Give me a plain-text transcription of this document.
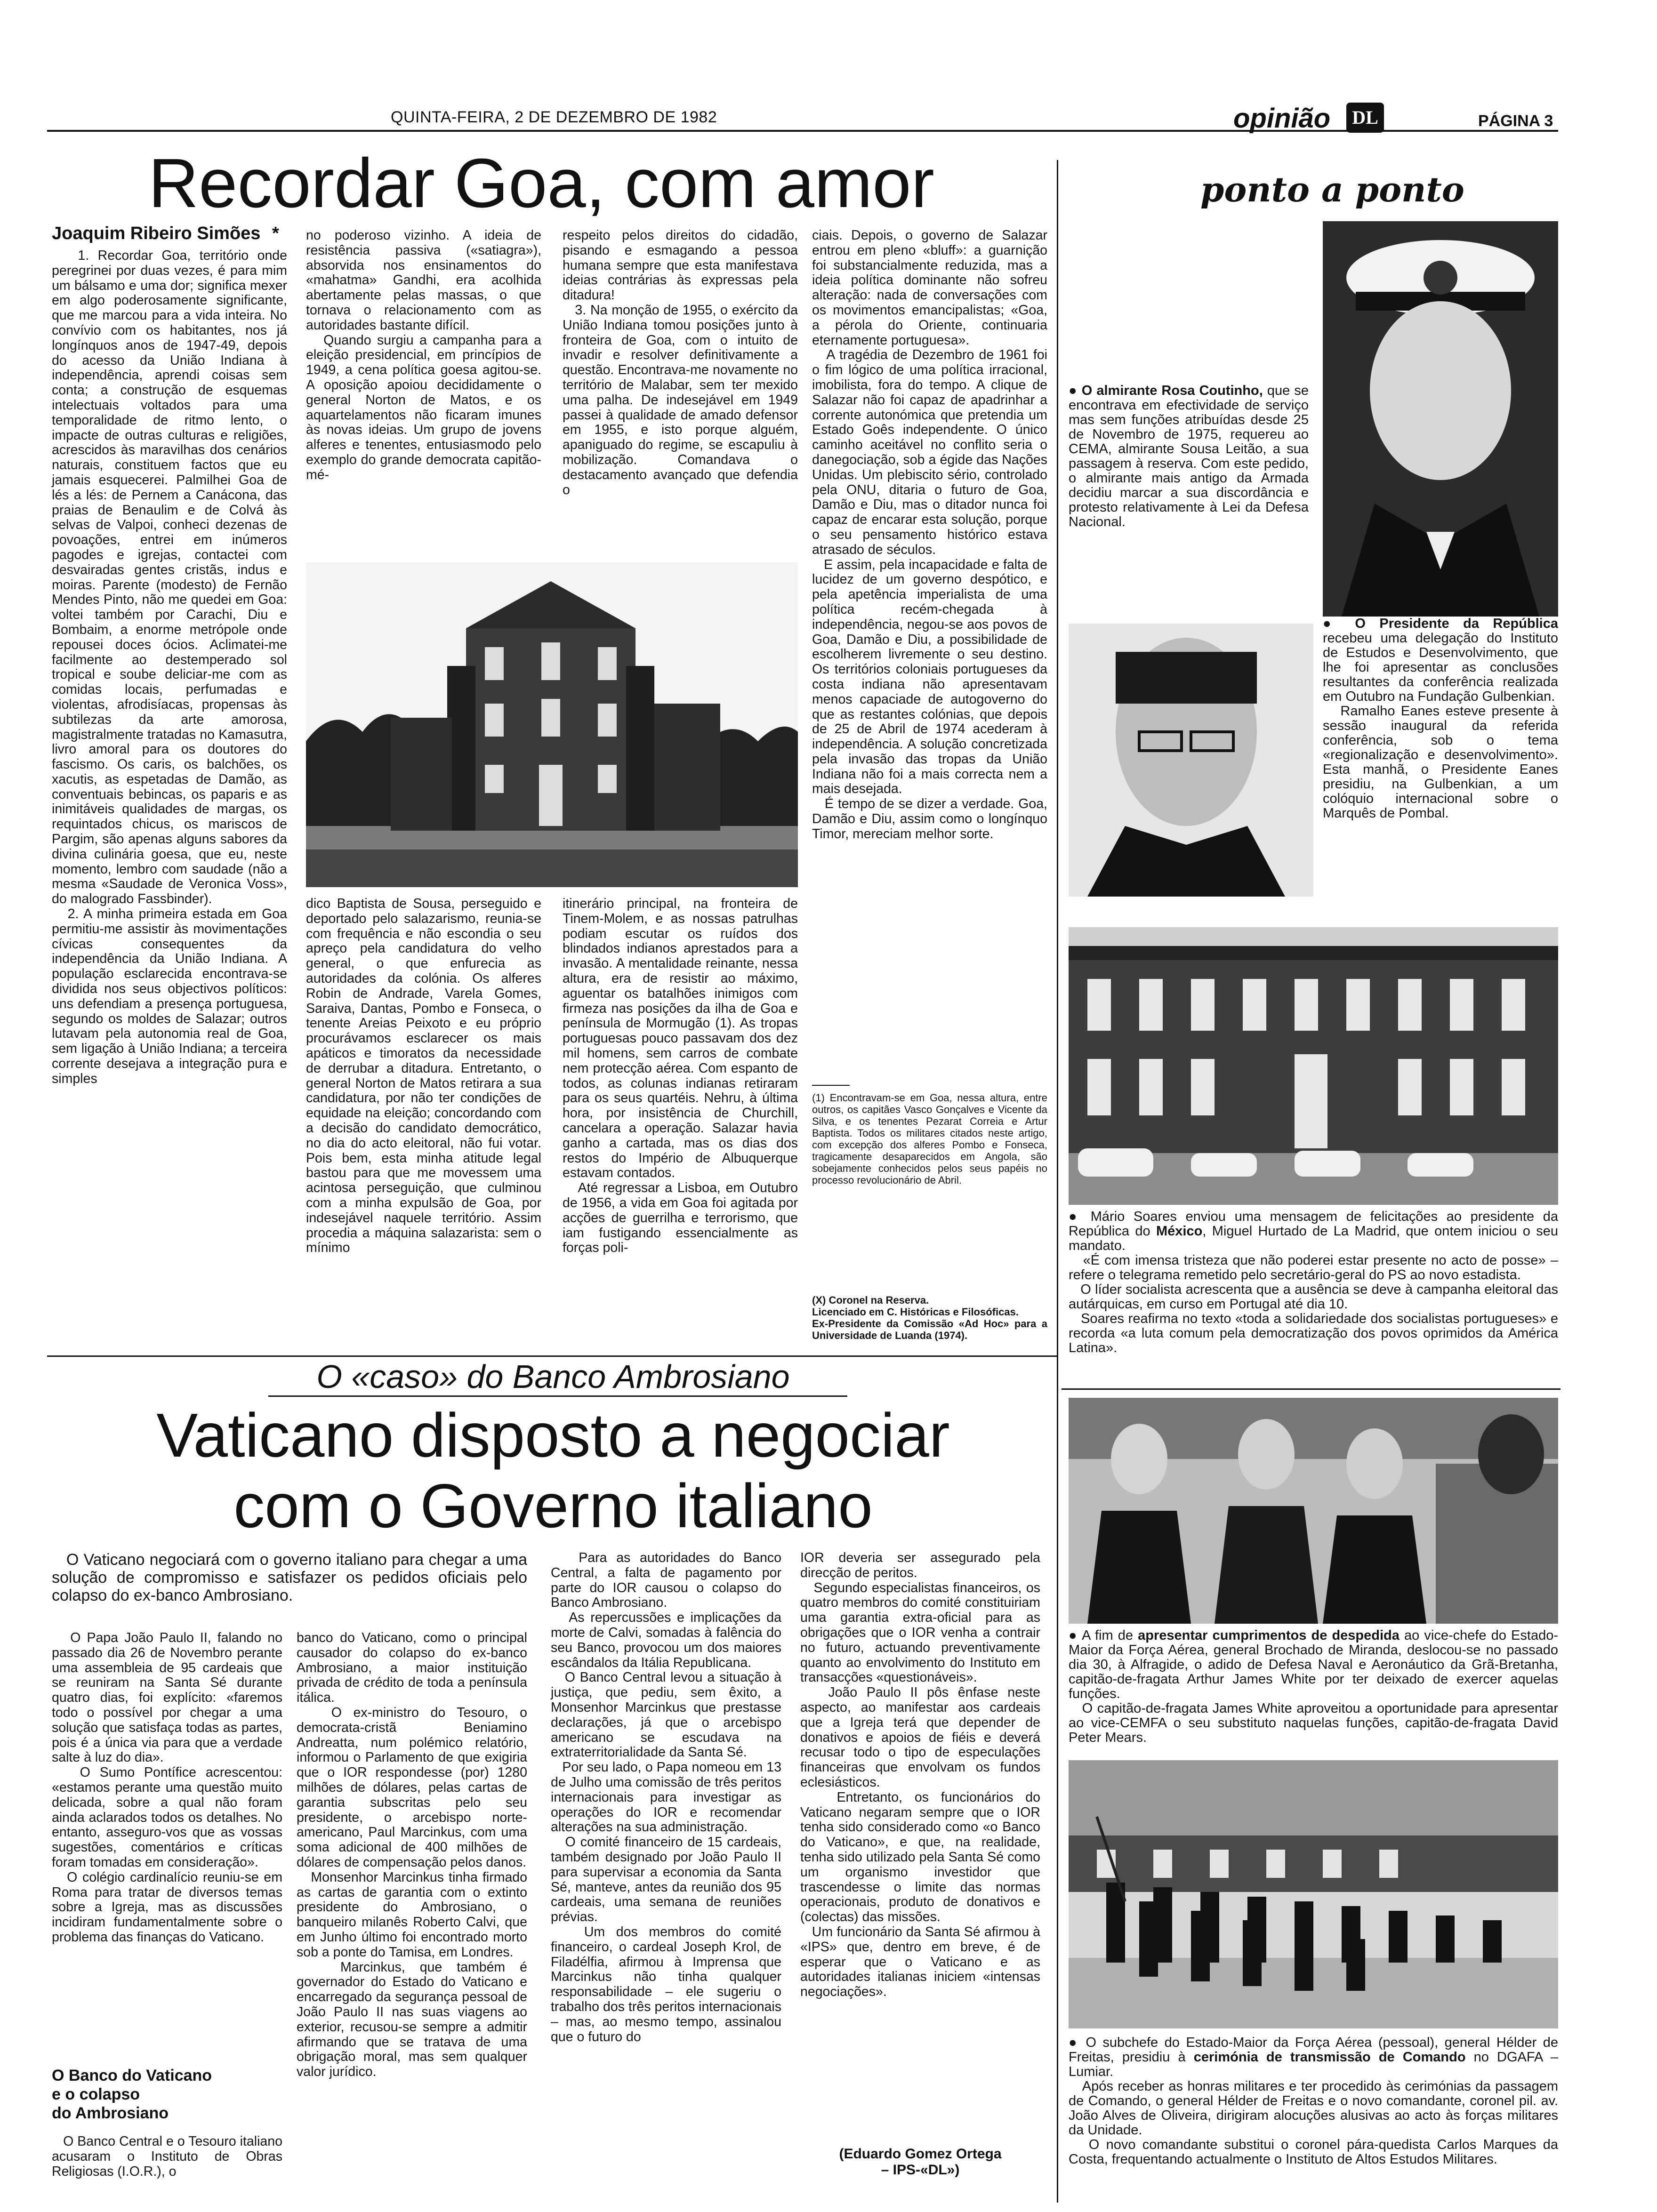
QUINTA-FEIRA, 2 DE DEZEMBRO DE 1982	opinião	DL	PÁGINA 3
Recordar Goa, com amor
Joaquim Ribeiro Simões *
1. Recordar Goa, território onde peregrinei por duas vezes, é para mim um bálsamo e uma dor; significa mexer em algo poderosamente significante, que me marcou para a vida inteira. No convívio com os habitantes, nos já longínquos anos de 1947-49, depois do acesso da União Indiana à independência, aprendi coisas sem conta; a construção de esquemas intelectuais voltados para uma temporalidade de ritmo lento, o impacte de outras culturas e religiões, acrescidos às maravilhas dos cenários naturais, constituem factos que eu jamais esquecerei. Palmilhei Goa de lés a lés: de Pernem a Canácona, das praias de Benaulim e de Colvá às selvas de Valpoi, conheci dezenas de povoações, entrei em inúmeros pagodes e igrejas, contactei com desvairadas gentes cristãs, indus e moiras. Parente (modesto) de Fernão Mendes Pinto, não me quedei em Goa: voltei também por Carachi, Diu e Bombaim, a enorme metrópole onde repousei doces ócios. Aclimatei-me facilmente ao destemperado sol tropical e soube deliciar-me com as comidas locais, perfumadas e violentas, afrodisíacas, propensas às subtilezas da arte amorosa, magistralmente tratadas no Kamasutra, livro amoral para os doutores do fascismo. Os caris, os balchões, os xacutis, as espetadas de Damão, as conventuais bebincas, os paparis e as inimitáveis qualidades de margas, os requintados chicus, os mariscos de Pargim, são apenas alguns sabores da divina culinária goesa, que eu, neste momento, lembro com saudade (não a mesma «Saudade de Veronica Voss», do malogrado Fassbinder).
2. A minha primeira estada em Goa permitiu-me assistir às movimentações cívicas consequentes da independência da União Indiana. A população esclarecida encontrava-se dividida nos seus objectivos políticos: uns defendiam a presença portuguesa, segundo os moldes de Salazar; outros lutavam pela autonomia real de Goa, sem ligação à União Indiana; a terceira corrente desejava a integração pura e simples
no poderoso vizinho. A ideia de resistência passiva («satiagra»), absorvida nos ensinamentos do «mahatma» Gandhi, era acolhida abertamente pelas massas, o que tornava o relacionamento com as autoridades bastante difícil.
Quando surgiu a campanha para a eleição presidencial, em princípios de 1949, a cena política goesa agitou-se. A oposição apoiou decididamente o general Norton de Matos, e os aquartelamentos não ficaram imunes às novas ideias. Um grupo de jovens alferes e tenentes, entusiasmodo pelo exemplo do grande democrata capitão-mé-
respeito pelos direitos do cidadão, pisando e esmagando a pessoa humana sempre que esta manifestava ideias contrárias às expressas pela ditadura!
3. Na monção de 1955, o exército da União Indiana tomou posições junto à fronteira de Goa, com o intuito de invadir e resolver definitivamente a questão. Encontrava-me novamente no território de Malabar, sem ter mexido uma palha. De indesejável em 1949 passei à qualidade de amado defensor em 1955, e isto porque alguém, apaniguado do regime, se escapuliu à mobilização. Comandava o destacamento avançado que defendia o
dico Baptista de Sousa, perseguido e deportado pelo salazarismo, reunia-se com frequência e não escondia o seu apreço pela candidatura do velho general, o que enfurecia as autoridades da colónia. Os alferes Robin de Andrade, Varela Gomes, Saraiva, Dantas, Pombo e Fonseca, o tenente Areias Peixoto e eu próprio procurávamos esclarecer os mais apáticos e timoratos da necessidade de derrubar a ditadura. Entretanto, o general Norton de Matos retirara a sua candidatura, por não ter condições de equidade na eleição; concordando com a decisão do candidato democrático, no dia do acto eleitoral, não fui votar. Pois bem, esta minha atitude legal bastou para que me movessem uma acintosa perseguição, que culminou com a minha expulsão de Goa, por indesejável naquele território. Assim procedia a máquina salazarista: sem o mínimo
itinerário principal, na fronteira de Tinem-Molem, e as nossas patrulhas podiam escutar os ruídos dos blindados indianos aprestados para a invasão. A mentalidade reinante, nessa altura, era de resistir ao máximo, aguentar os batalhões inimigos com firmeza nas posições da ilha de Goa e península de Mormugão (1). As tropas portuguesas pouco passavam dos dez mil homens, sem carros de combate nem protecção aérea. Com espanto de todos, as colunas indianas retiraram para os seus quartéis. Nehru, à última hora, por insistência de Churchill, cancelara a operação. Salazar havia ganho a cartada, mas os dias dos restos do Império de Albuquerque estavam contados.
Até regressar a Lisboa, em Outubro de 1956, a vida em Goa foi agitada por acções de guerrilha e terrorismo, que iam fustigando essencialmente as forças poli-
ciais. Depois, o governo de Salazar entrou em pleno «bluff»: a guarnição foi substancialmente reduzida, mas a ideia política dominante não sofreu alteração: nada de conversações com os movimentos emancipalistas; «Goa, a pérola do Oriente, continuaria eternamente portuguesa».
A tragédia de Dezembro de 1961 foi o fim lógico de uma política irracional, imobilista, fora do tempo. A clique de Salazar não foi capaz de apadrinhar a corrente autonómica que pretendia um Estado Goês independente. O único caminho aceitável no conflito seria o danegociação, sob a égide das Nações Unidas. Um plebiscito sério, controlado pela ONU, ditaria o futuro de Goa, Damão e Diu, mas o ditador nunca foi capaz de encarar esta solução, porque o seu pensamento histórico estava atrasado de séculos.
E assim, pela incapacidade e falta de lucidez de um governo despótico, e pela apetência imperialista de uma política recém-chegada à independência, negou-se aos povos de Goa, Damão e Diu, a possibilidade de escolherem livremente o seu destino. Os territórios coloniais portugueses da costa indiana não apresentavam menos capaciade de autogoverno do que as restantes colónias, que depois de 25 de Abril de 1974 acederam à independência. A solução concretizada pela invasão das tropas da União Indiana não foi a mais correcta nem a mais desejada.
É tempo de se dizer a verdade. Goa, Damão e Diu, assim como o longínquo Timor, mereciam melhor sorte.
(1) Encontravam-se em Goa, nessa altura, entre outros, os capitães Vasco Gonçalves e Vicente da Silva, e os tenentes Pezarat Correia e Artur Baptista. Todos os militares citados neste artigo, com excepção dos alferes Pombo e Fonseca, tragicamente desaparecidos em Angola, são sobejamente conhecidos pelos seus papéis no processo revolucionário de Abril.
(X) Coronel na Reserva.
Licenciado em C. Históricas e Filosóficas.
Ex-Presidente da Comissão «Ad Hoc» para a Universidade de Luanda (1974).
ponto a ponto
● O almirante Rosa Coutinho, que se encontrava em efectividade de serviço mas sem funções atribuídas desde 25 de Novembro de 1975, requereu ao CEMA, almirante Sousa Leitão, a sua passagem à reserva. Com este pedido, o almirante mais antigo da Armada decidiu marcar a sua discordância e protesto relativamente à Lei da Defesa Nacional.
● O Presidente da República recebeu uma delegação do Instituto de Estudos e Desenvolvimento, que lhe foi apresentar as conclusões resultantes da conferência realizada em Outubro na Fundação Gulbenkian.
Ramalho Eanes esteve presente à sessão inaugural da referida conferência, sob o tema «regionalização e desenvolvimento». Esta manhã, o Presidente Eanes presidiu, na Gulbenkian, a um colóquio internacional sobre o Marquês de Pombal.
● Mário Soares enviou uma mensagem de felicitações ao presidente da República do México, Miguel Hurtado de La Madrid, que ontem iniciou o seu mandato.
«É com imensa tristeza que não poderei estar presente no acto de posse» – refere o telegrama remetido pelo secretário-geral do PS ao novo estadista.
O líder socialista acrescenta que a ausência se deve à campanha eleitoral das autárquicas, em curso em Portugal até dia 10.
Soares reafirma no texto «toda a solidariedade dos socialistas portugueses» e recorda «a luta comum pela democratização dos povos oprimidos da América Latina».
● A fim de apresentar cumprimentos de despedida ao vice-chefe do Estado-Maior da Força Aérea, general Brochado de Miranda, deslocou-se no passado dia 30, à Alfragide, o adido de Defesa Naval e Aeronáutico da Grã-Bretanha, capitão-de-fragata Arthur James White por ter deixado de exercer aquelas funções.
O capitão-de-fragata James White aproveitou a oportunidade para apresentar ao vice-CEMFA o seu substituto naquelas funções, capitão-de-fragata David Peter Mears.
● O subchefe do Estado-Maior da Força Aérea (pessoal), general Hélder de Freitas, presidiu à cerimónia de transmissão de Comando no DGAFA – Lumiar.
Após receber as honras militares e ter procedido às cerimónias da passagem de Comando, o general Hélder de Freitas e o novo comandante, coronel pil. av. João Alves de Oliveira, dirigiram alocuções alusivas ao acto às forças militares da Unidade.
O novo comandante substitui o coronel pára-quedista Carlos Marques da Costa, frequentando actualmente o Instituto de Altos Estudos Militares.
O «caso» do Banco Ambrosiano
Vaticano disposto a negociar
com o Governo italiano
O Vaticano negociará com o governo italiano para chegar a uma solução de compromisso e satisfazer os pedidos oficiais pelo colapso do ex-banco Ambrosiano.
O Papa João Paulo II, falando no passado dia 26 de Novembro perante uma assembleia de 95 cardeais que se reuniram na Santa Sé durante quatro dias, foi explícito: «faremos todo o possível por chegar a uma solução que satisfaça todas as partes, pois é a única via para que a verdade salte à luz do dia».
O Sumo Pontífice acrescentou: «estamos perante uma questão muito delicada, sobre a qual não foram ainda aclarados todos os detalhes. No entanto, asseguro-vos que as vossas sugestões, comentários e críticas foram tomadas em consideração».
O colégio cardinalício reuniu-se em Roma para tratar de diversos temas sobre a Igreja, mas as discussões incidiram fundamentalmente sobre o problema das finanças do Vaticano.
O Banco do Vaticano
e o colapso
do Ambrosiano
O Banco Central e o Tesouro italiano acusaram o Instituto de Obras Religiosas (I.O.R.), o
banco do Vaticano, como o principal causador do colapso do ex-banco Ambrosiano, a maior instituição privada de crédito de toda a península itálica.
O ex-ministro do Tesouro, o democrata-cristã Beniamino Andreatta, num polémico relatório, informou o Parlamento de que exigiria que o IOR respondesse (por) 1280 milhões de dólares, pelas cartas de garantia subscritas pelo seu presidente, o arcebispo norte-americano, Paul Marcinkus, com uma soma adicional de 400 milhões de dólares de compensação pelos danos.
Monsenhor Marcinkus tinha firmado as cartas de garantia com o extinto presidente do Ambrosiano, o banqueiro milanês Roberto Calvi, que em Junho último foi encontrado morto sob a ponte do Tamisa, em Londres.
Marcinkus, que também é governador do Estado do Vaticano e encarregado da segurança pessoal de João Paulo II nas suas viagens ao exterior, recusou-se sempre a admitir afirmando que se tratava de uma obrigação moral, mas sem qualquer valor jurídico.
Para as autoridades do Banco Central, a falta de pagamento por parte do IOR causou o colapso do Banco Ambrosiano.
As repercussões e implicações da morte de Calvi, somadas à falência do seu Banco, provocou um dos maiores escândalos da Itália Republicana.
O Banco Central levou a situação à justiça, que pediu, sem êxito, a Monsenhor Marcinkus que prestasse declarações, já que o arcebispo americano se escudava na extraterritorialidade da Santa Sé.
Por seu lado, o Papa nomeou em 13 de Julho uma comissão de três peritos internacionais para investigar as operações do IOR e recomendar alterações na sua administração.
O comité financeiro de 15 cardeais, também designado por João Paulo II para supervisar a economia da Santa Sé, manteve, antes da reunião dos 95 cardeais, uma semana de reuniões prévias.
Um dos membros do comité financeiro, o cardeal Joseph Krol, de Filadélfia, afirmou à Imprensa que Marcinkus não tinha qualquer responsabilidade – ele sugeriu o trabalho dos três peritos internacionais – mas, ao mesmo tempo, assinalou que o futuro do
IOR deveria ser assegurado pela direcção de peritos.
Segundo especialistas financeiros, os quatro membros do comité constituiriam uma garantia extra-oficial para as obrigações que o IOR venha a contrair no futuro, actuando preventivamente quanto ao envolvimento do Instituto em transacções «questionáveis».
João Paulo II pôs ênfase neste aspecto, ao manifestar aos cardeais que a Igreja terá que depender de donativos e apoios de fiéis e deverá recusar todo o tipo de especulações financeiras que envolvam os fundos eclesiásticos.
Entretanto, os funcionários do Vaticano negaram sempre que o IOR tenha sido considerado como «o Banco do Vaticano», e que, na realidade, tenha sido utilizado pela Santa Sé como um organismo investidor que trascendesse o limite das normas operacionais, produto de donativos e (colectas) das missões.
Um funcionário da Santa Sé afirmou à «IPS» que, dentro em breve, é de esperar que o Vaticano e as autoridades italianas iniciem «intensas negociações».
(Eduardo Gomez Ortega
– IPS-«DL»)
